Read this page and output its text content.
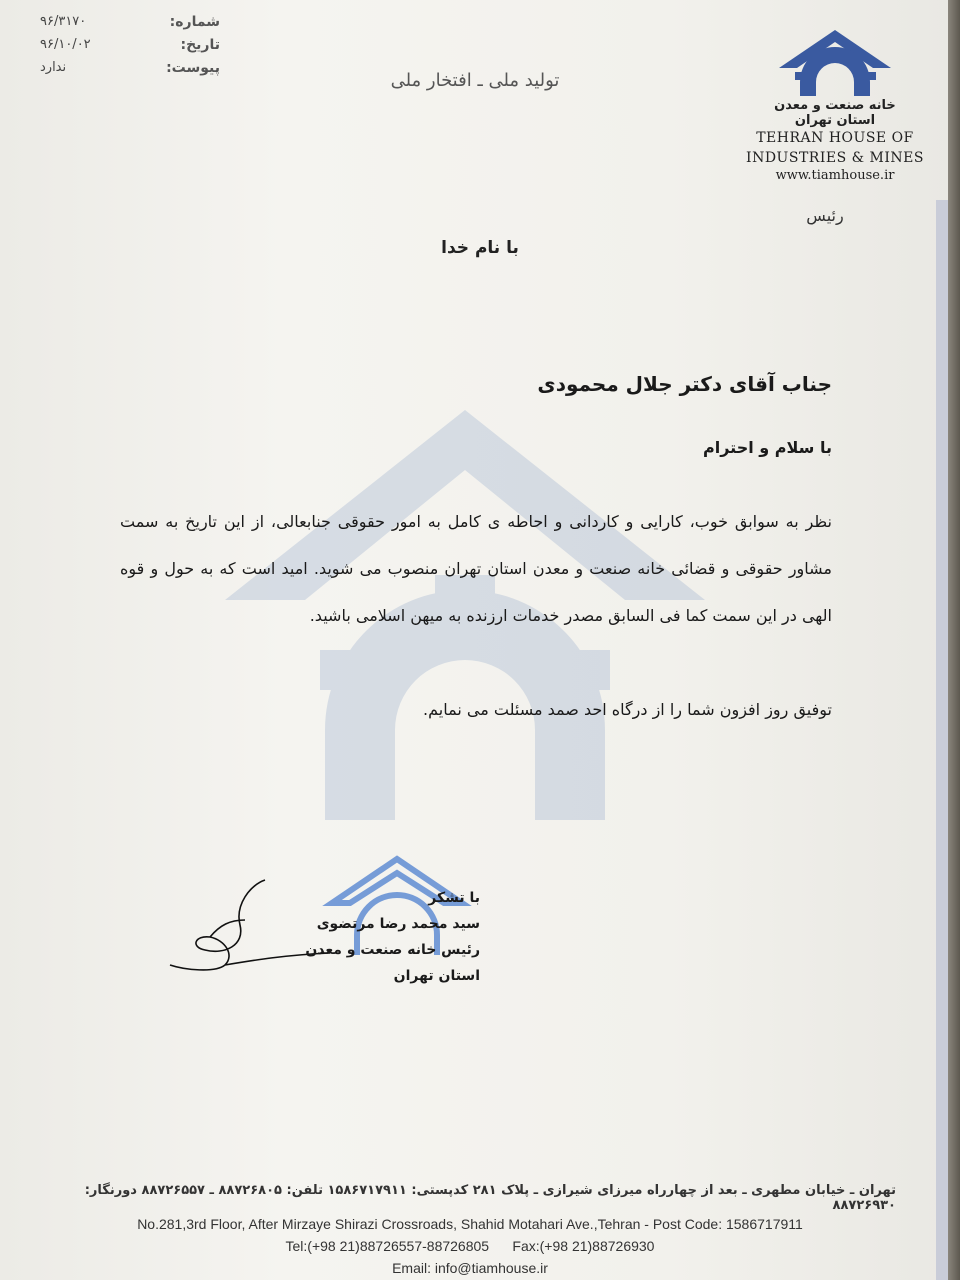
شماره:
۹۶/۳۱۷۰
تاریخ:
۹۶/۱۰/۰۲
پیوست:
ندارد
تولید ملی ـ افتخار ملی
خانه صنعت و معدن
استان تهران
TEHRAN HOUSE OF
INDUSTRIES & MINES
www.tiamhouse.ir
رئیس
با نام خدا
جناب آقای دکتر جلال محمودی
با سلام و احترام
نظر به سوابق خوب، کارایی و کاردانی و احاطه ی کامل به امور حقوقی جنابعالی، از این تاریخ به سمت مشاور حقوقی و قضائی خانه صنعت و معدن استان تهران منصوب می شوید. امید است که به حول و قوه الهی در این سمت کما فی السابق مصدر خدمات ارزنده به میهن اسلامی باشید.
توفیق روز افزون شما را از درگاه احد صمد مسئلت می نمایم.
با تشکر
سید محمد رضا مرتضوی
رئیس خانه صنعت و معدن استان تهران
تهران ـ خیابان مطهری ـ بعد از چهارراه میرزای شیرازی ـ پلاک ۲۸۱ کدپستی: ۱۵۸۶۷۱۷۹۱۱ تلفن: ۸۸۷۲۶۸۰۵ ـ ۸۸۷۲۶۵۵۷ دورنگار: ۸۸۷۲۶۹۳۰
No.281,3rd Floor, After Mirzaye Shirazi Crossroads, Shahid Motahari Ave.,Tehran - Post Code: 1586717911
Tel:(+98 21)88726557-88726805 Fax:(+98 21)88726930
Email: info@tiamhouse.ir
